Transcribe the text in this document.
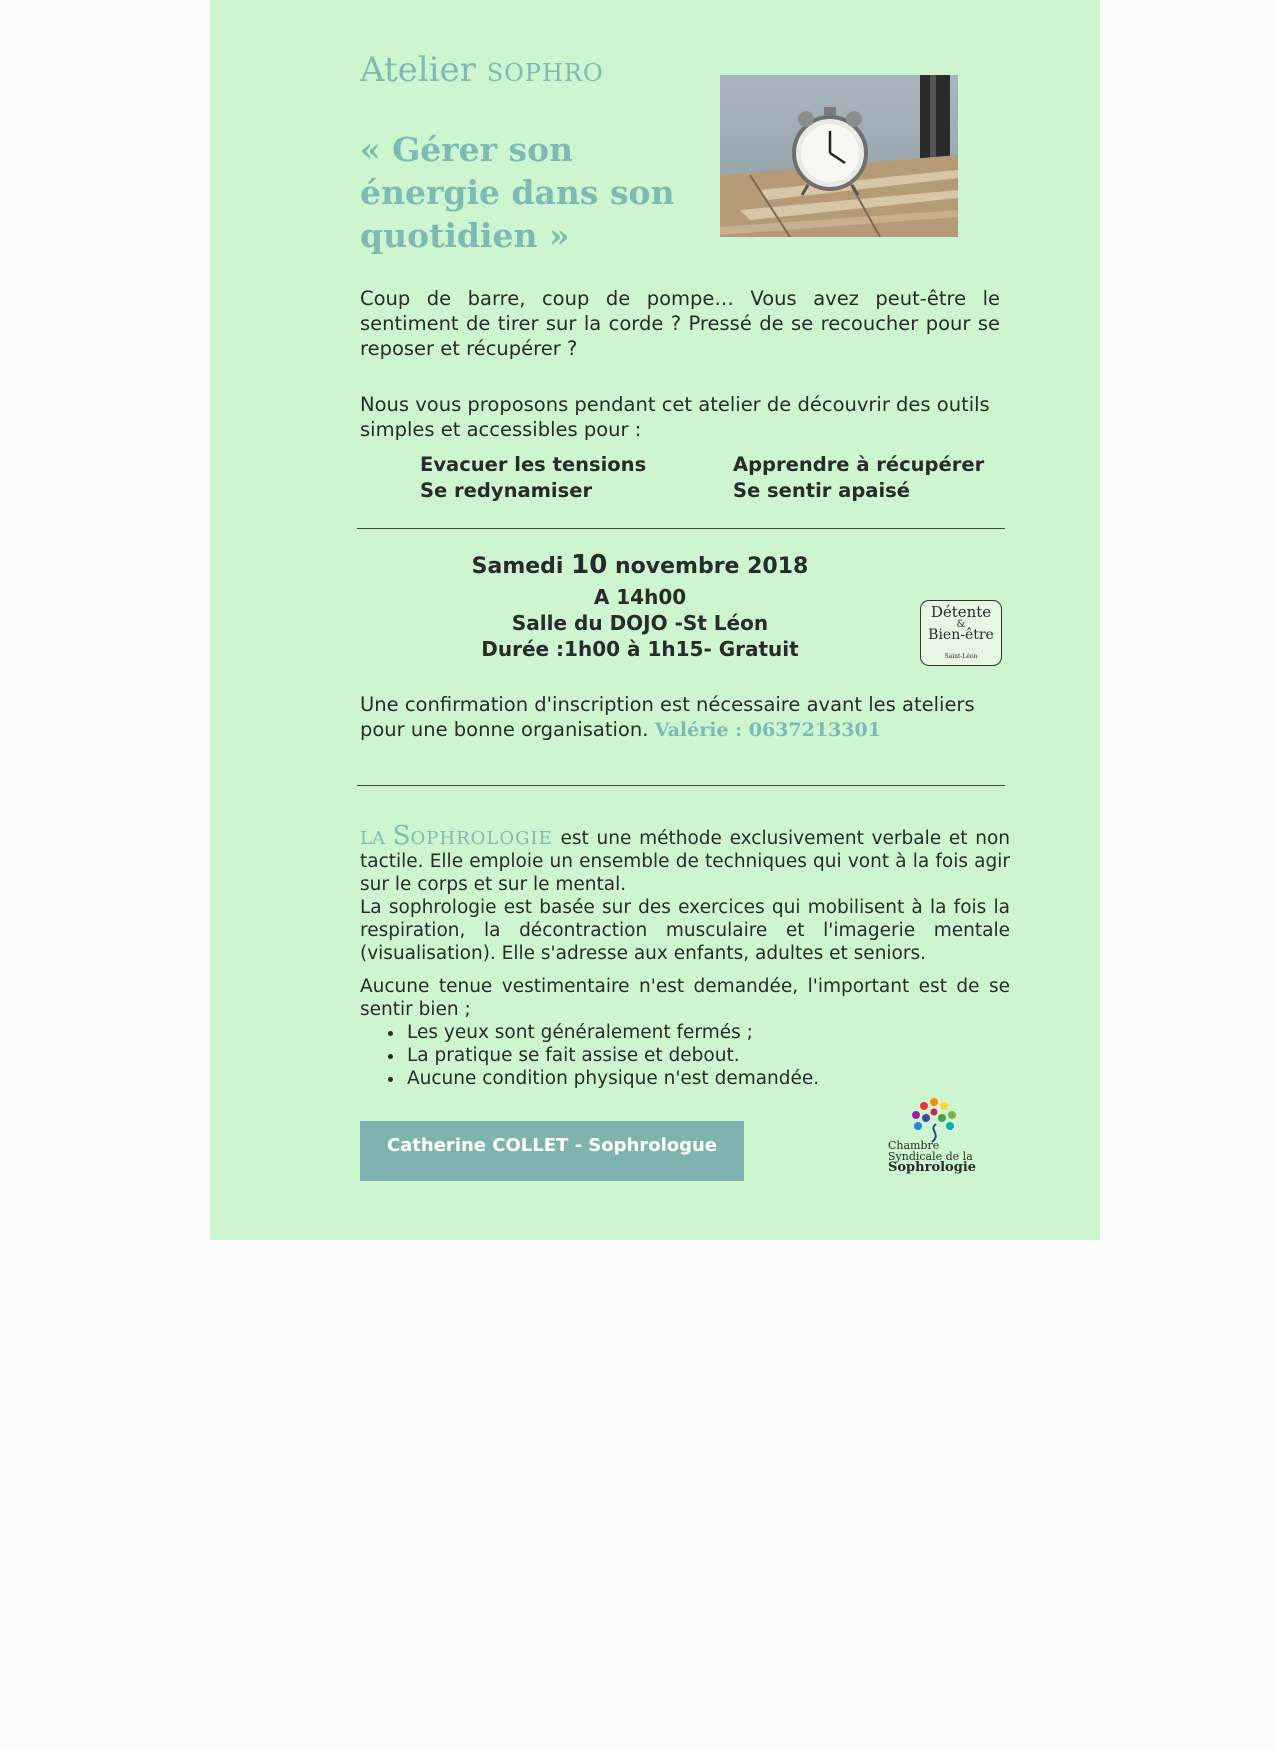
Atelier SOPHRO
« Gérer son énergie dans son quotidien »
Coup de barre, coup de pompe… Vous avez peut-être le sentiment de tirer sur la corde ? Pressé de se recoucher pour se reposer et récupérer ?
Nous vous proposons pendant cet atelier de découvrir des outils simples et accessibles pour :
Evacuer les tensions
Se redynamiser
Apprendre à récupérer
Se sentir apaisé
Samedi 10 novembre 2018
A 14h00
Salle du DOJO -St Léon
Durée :1h00 à 1h15- Gratuit
Détente
&
Bien-être
Saint-Léon
Une confirmation d'inscription est nécessaire avant les ateliers pour une bonne organisation. Valérie : 0637213301

LA SOPHROLOGIE est une méthode exclusivement verbale et non tactile. Elle emploie un ensemble de techniques qui vont à la fois agir sur le corps et sur le mental.

La sophrologie est basée sur des exercices qui mobilisent à la fois la respiration, la décontraction musculaire et l'imagerie mentale (visualisation). Elle s'adresse aux enfants, adultes et seniors.

Aucune tenue vestimentaire n'est demandée, l'important est de se sentir bien ;

• Les yeux sont généralement fermés ;
• La pratique se fait assise et debout.
• Aucune condition physique n'est demandée.
Catherine COLLET - Sophrologue	Chambre
Syndicale de la
Sophrologie
